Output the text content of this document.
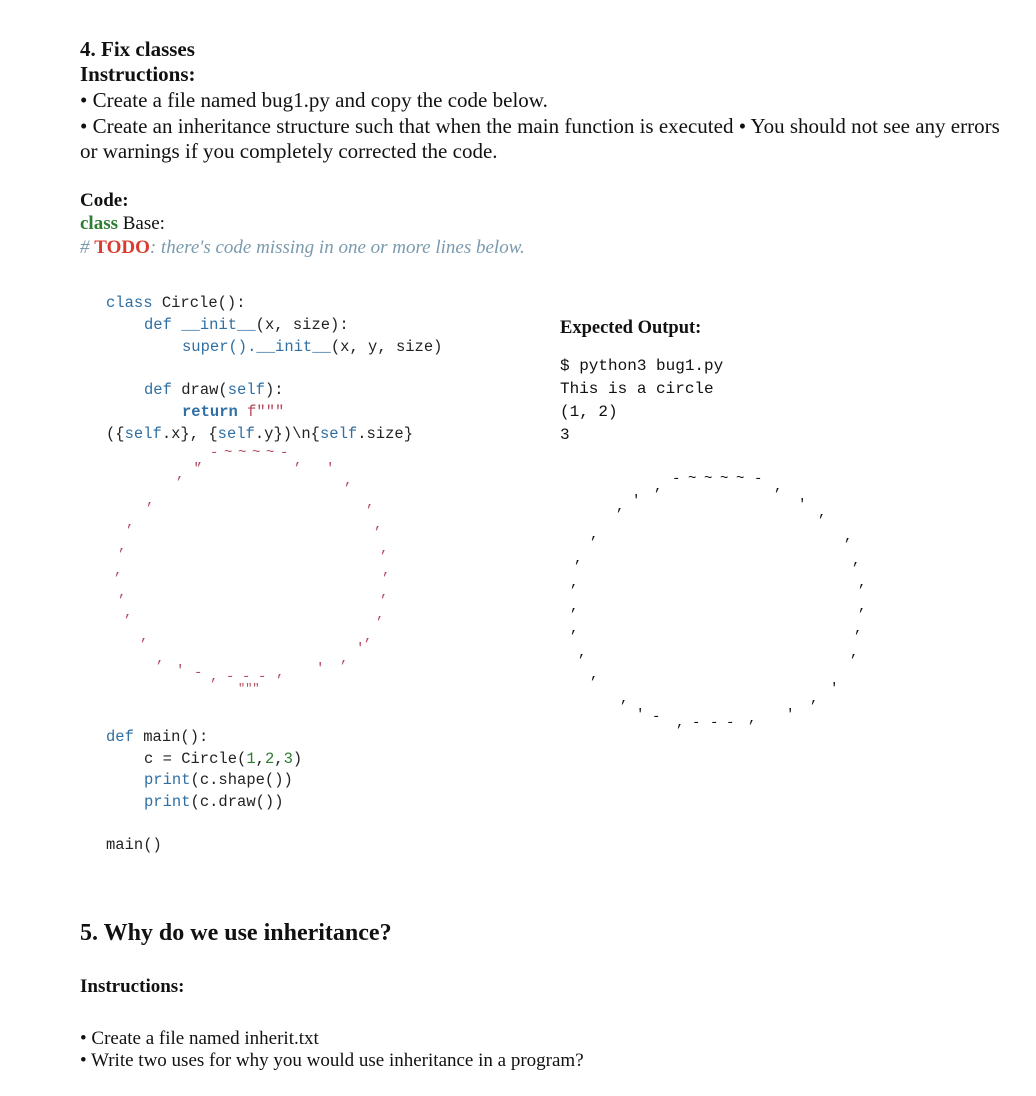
4. Fix classes
Instructions:
• Create a file named bug1.py and copy the code below.
• Create an inheritance structure such that when the main function is executed • You should not see any errors or warnings if you completely corrected the code.
Code:
class Base:
# TODO: there's code missing in one or more lines below.
class Circle():
def __init__(x, size):
super().__init__(x, y, size)
def draw(self):
return f"""
({self.x}, {self.y})\n{self.size}
, - ~ ~ ~ ~ - ,
, '	'
,
,	,
,	,
,	,
,	,
,	,
,	,
,	,
,	,
'
' - , - - - , '
"""
def main():
c = Circle(1,2,3)
print(c.shape())
print(c.draw())
main()
Expected Output:
$ python3 bug1.py
This is a circle
(1, 2)
3
, - ~ ~ ~ ~ - ,
, '	' ,
,	,
,	,
,	,
,	,
,	,
,	,
,
,
'
,
' - , - - - , '
5. Why do we use inheritance?
Instructions:
• Create a file named inherit.txt
• Write two uses for why you would use inheritance in a program?
